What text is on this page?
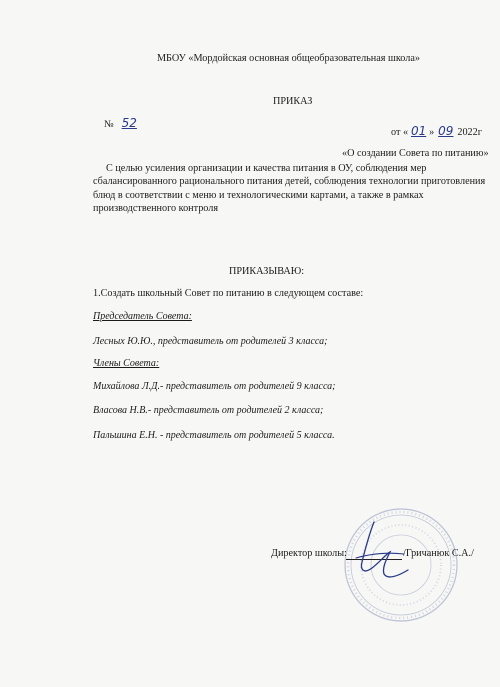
МБОУ «Мордойская основная общеобразовательная школа»
ПРИКАЗ
№ 52
от « 01 » 09 2022г
«О создании Совета по питанию»
С целью усиления организации и качества питания в ОУ, соблюдения мер сбалансированного рационального питания детей, соблюдения технологии приготовления блюд в соответствии с меню и технологическими картами, а также в рамках производственного контроля
ПРИКАЗЫВАЮ:
1.Создать школьный Совет по питанию в следующем составе:
Председатель Совета:
Лесных Ю.Ю., представитель от родителей 3 класса;
Члены Совета:
Михайлова Л.Д.- представитель от родителей 9 класса;
Власова Н.В.- представитель от родителей 2 класса;
Пальшина Е.Н. - представитель от родителей 5 класса.
Директор школы:	/Гричанюк С.А./
